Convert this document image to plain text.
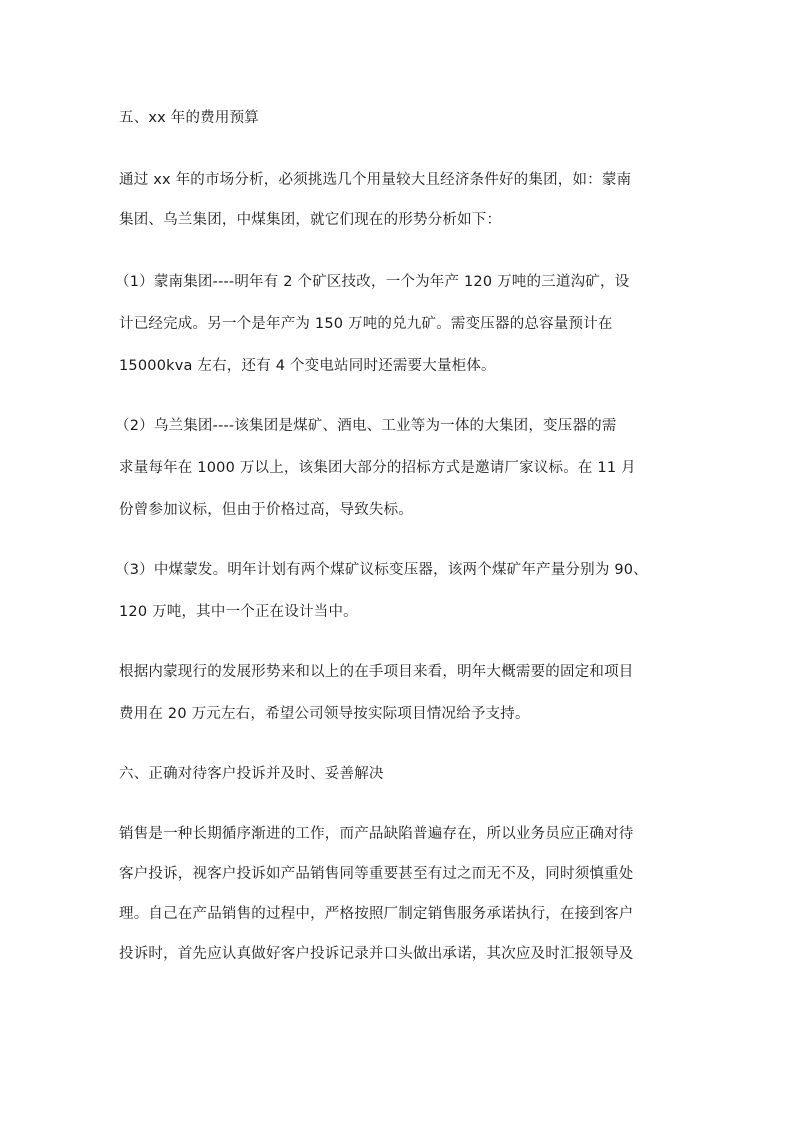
五、xx 年的费用预算
通过 xx 年的市场分析，必须挑选几个用量较大且经济条件好的集团，如：蒙南
集团、乌兰集团，中煤集团，就它们现在的形势分析如下：
（1）蒙南集团----明年有 2 个矿区技改，一个为年产 120 万吨的三道沟矿，设
计已经完成。另一个是年产为 150 万吨的兑九矿。需变压器的总容量预计在
15000kva 左右，还有 4 个变电站同时还需要大量柜体。
（2）乌兰集团----该集团是煤矿、酒电、工业等为一体的大集团，变压器的需
求量每年在 1000 万以上，该集团大部分的招标方式是邀请厂家议标。在 11 月
份曾参加议标，但由于价格过高，导致失标。
（3）中煤蒙发。明年计划有两个煤矿议标变压器，该两个煤矿年产量分别为 90、
120 万吨，其中一个正在设计当中。
根据内蒙现行的发展形势来和以上的在手项目来看，明年大概需要的固定和项目
费用在 20 万元左右，希望公司领导按实际项目情况给予支持。
六、正确对待客户投诉并及时、妥善解决
销售是一种长期循序渐进的工作，而产品缺陷普遍存在，所以业务员应正确对待
客户投诉，视客户投诉如产品销售同等重要甚至有过之而无不及，同时须慎重处
理。自己在产品销售的过程中，严格按照厂制定销售服务承诺执行，在接到客户
投诉时，首先应认真做好客户投诉记录并口头做出承诺，其次应及时汇报领导及
